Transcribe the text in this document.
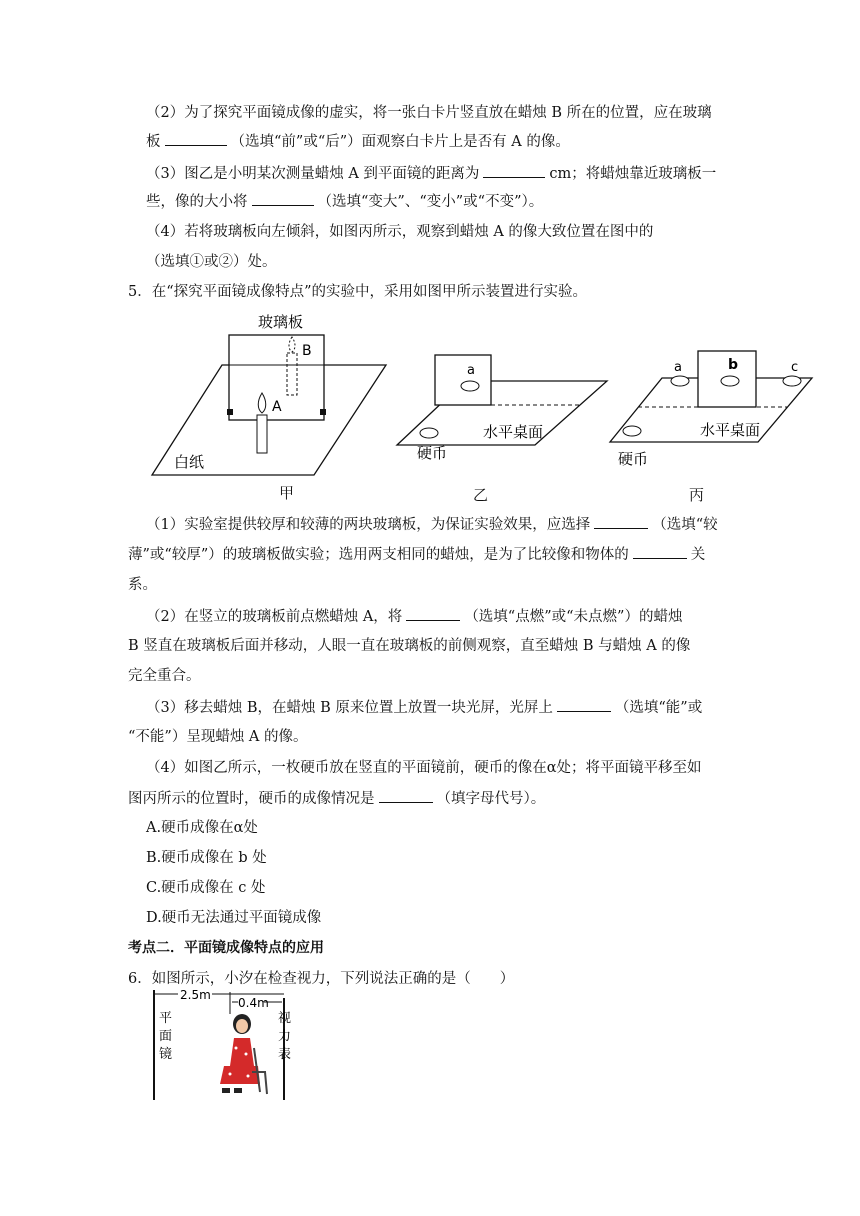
（2）为了探究平面镜成像的虚实，将一张白卡片竖直放在蜡烛 B 所在的位置，应在玻璃
板	（选填“前”或“后”）面观察白卡片上是否有 A 的像。
（3）图乙是小明某次测量蜡烛 A 到平面镜的距离为	cm；将蜡烛靠近玻璃板一
些，像的大小将	（选填“变大”、“变小”或“不变”）。
（4）若将玻璃板向左倾斜，如图丙所示，观察到蜡烛 A 的像大致位置在图中的
（选填①或②）处。
5．在“探究平面镜成像特点”的实验中，采用如图甲所示装置进行实验。
玻璃板
B
A
白纸
甲
a
水平桌面
硬币
乙
a	b	c
水平桌面
硬币
丙
（1）实验室提供较厚和较薄的两块玻璃板，为保证实验效果，应选择	（选填“较
薄”或“较厚”）的玻璃板做实验；选用两支相同的蜡烛，是为了比较像和物体的	关
系。
（2）在竖立的玻璃板前点燃蜡烛 A，将	（选填“点燃”或“未点燃”）的蜡烛
B 竖直在玻璃板后面并移动，人眼一直在玻璃板的前侧观察，直至蜡烛 B 与蜡烛 A 的像
完全重合。
（3）移去蜡烛 B，在蜡烛 B 原来位置上放置一块光屏，光屏上	（选填“能”或
“不能”）呈现蜡烛 A 的像。
（4）如图乙所示，一枚硬币放在竖直的平面镜前，硬币的像在α处；将平面镜平移至如
图丙所示的位置时，硬币的成像情况是	（填字母代号）。
A.硬币成像在α处
B.硬币成像在 b 处
C.硬币成像在 c 处
D.硬币无法通过平面镜成像
考点二．平面镜成像特点的应用
6．如图所示，小汐在检查视力，下列说法正确的是（　　）
2.5m
0.4m
平
面
镜
视
力
表
